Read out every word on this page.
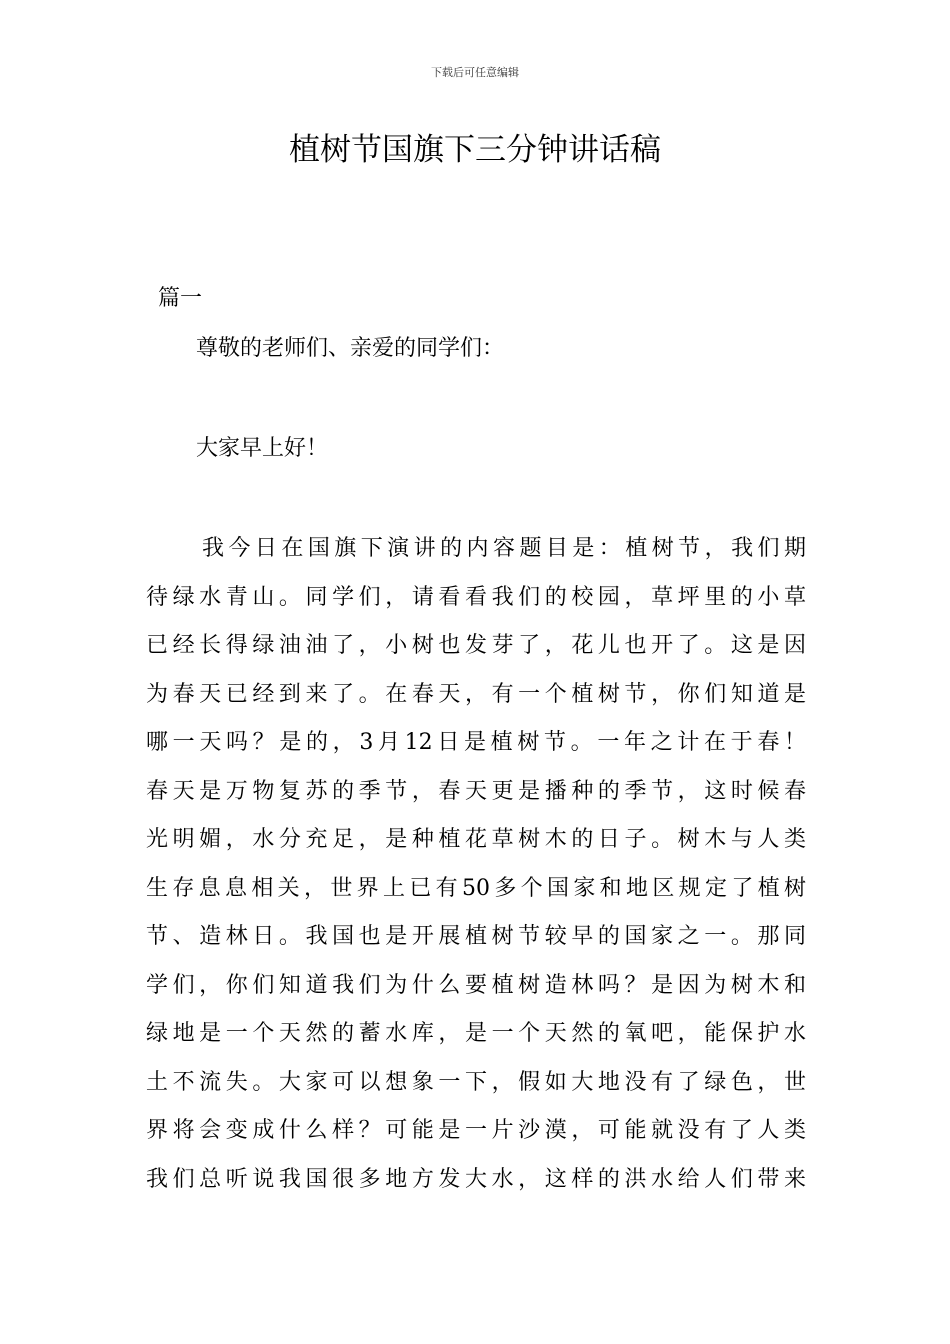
下载后可任意编辑
植树节国旗下三分钟讲话稿
篇一
尊敬的老师们、亲爱的同学们：
大家早上好！
我今日在国旗下演讲的内容题目是：植树节，我们期
待绿水青山。同学们，请看看我们的校园，草坪里的小草
已经长得绿油油了，小树也发芽了，花儿也开了。这是因
为春天已经到来了。在春天，有一个植树节，你们知道是
哪一天吗？是的，3月12日是植树节。一年之计在于春！
春天是万物复苏的季节，春天更是播种的季节，这时候春
光明媚，水分充足，是种植花草树木的日子。树木与人类
生存息息相关，世界上已有50多个国家和地区规定了植树
节、造林日。我国也是开展植树节较早的国家之一。那同
学们，你们知道我们为什么要植树造林吗？是因为树木和
绿地是一个天然的蓄水库，是一个天然的氧吧，能保护水
土不流失。大家可以想象一下，假如大地没有了绿色，世
界将会变成什么样？可能是一片沙漠，可能就没有了人类
我们总听说我国很多地方发大水，这样的洪水给人们带来
